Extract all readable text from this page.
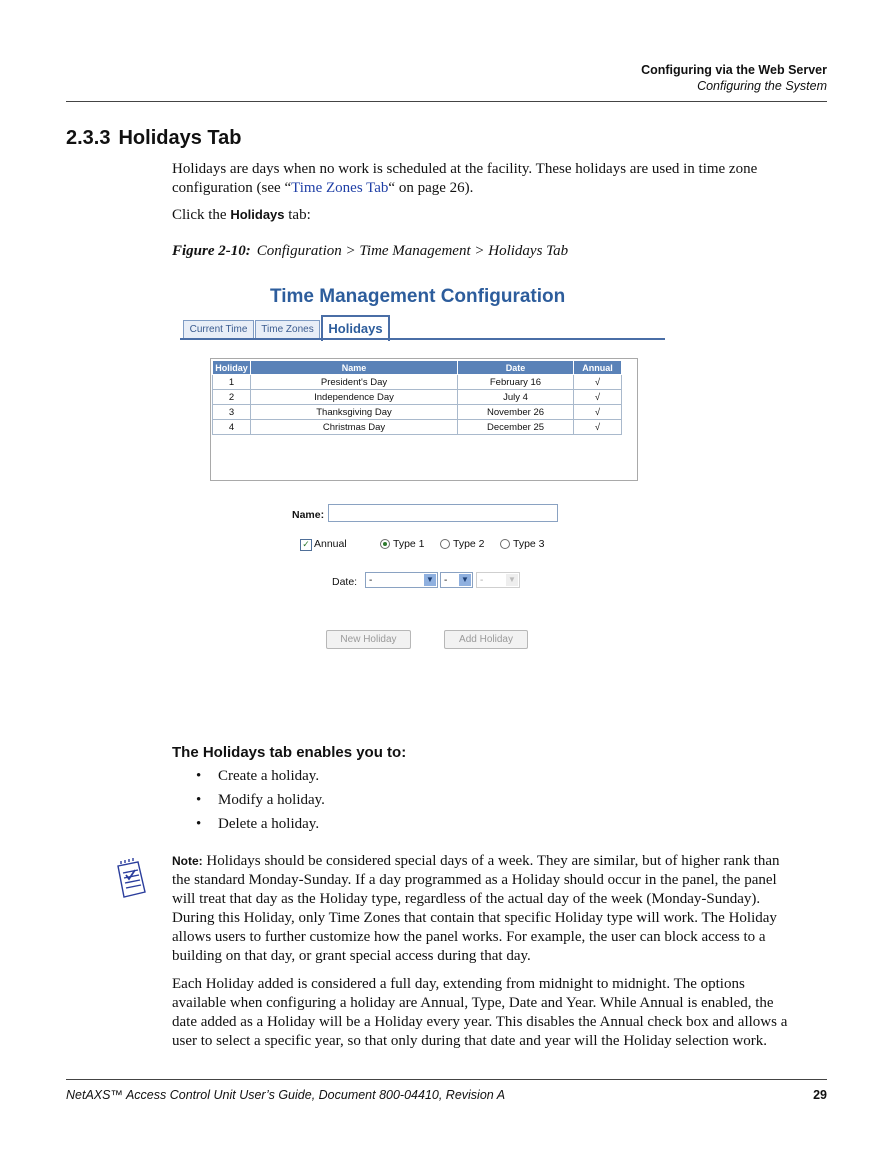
Configuring via the Web Server
Configuring the System
2.3.3 Holidays Tab
Holidays are days when no work is scheduled at the facility. These holidays are used in time zone
configuration (see “Time Zones Tab“ on page 26).
Click the Holidays tab:
Figure 2-10: Configuration > Time Management > Holidays Tab
Time Management Configuration
Current Time	Time Zones	Holidays
Holiday	Name	Date	Annual
1	President's Day	February 16	√
2	Independence Day	July 4	√
3	Thanksgiving Day	November 26	√
4	Christmas Day	December 25	√
Name:
✓ Annual	Type 1	Type 2	Type 3
Date:	-	▼	- ▼	-	▼
New Holiday	Add Holiday
The Holidays tab enables you to:
• Create a holiday.
• Modify a holiday.
• Delete a holiday.
Note: Holidays should be considered special days of a week. They are similar, but of higher rank than
the standard Monday-Sunday. If a day programmed as a Holiday should occur in the panel, the panel
will treat that day as the Holiday type, regardless of the actual day of the week (Monday-Sunday).
During this Holiday, only Time Zones that contain that specific Holiday type will work. The Holiday
allows users to further customize how the panel works. For example, the user can block access to a
building on that day, or grant special access during that day.
Each Holiday added is considered a full day, extending from midnight to midnight. The options
available when configuring a holiday are Annual, Type, Date and Year. While Annual is enabled, the
date added as a Holiday will be a Holiday every year. This disables the Annual check box and allows a
user to select a specific year, so that only during that date and year will the Holiday selection work.
NetAXS™ Access Control Unit User’s Guide, Document 800-04410, Revision A	29
